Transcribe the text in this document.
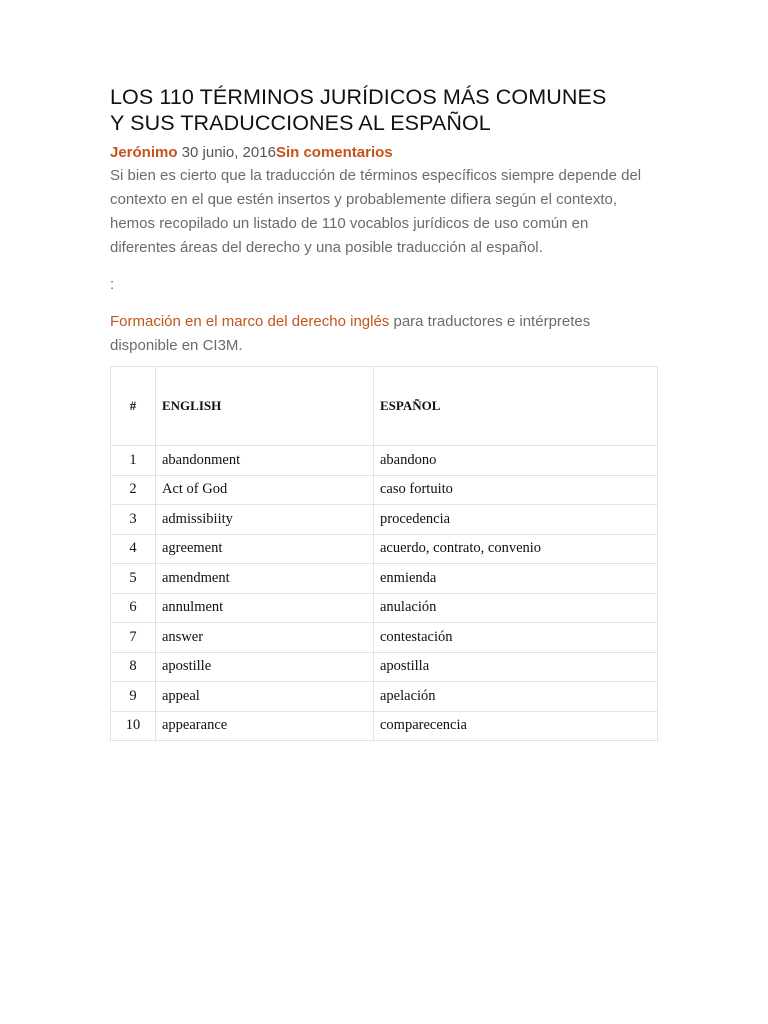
LOS 110 TÉRMINOS JURÍDICOS MÁS COMUNES
Y SUS TRADUCCIONES AL ESPAÑOL
Jerónimo 30 junio, 2016Sin comentarios

Si bien es cierto que la traducción de términos específicos siempre depende del contexto en el que estén insertos y probablemente difiera según el contexto, hemos recopilado un listado de 110 vocablos jurídicos de uso común en diferentes áreas del derecho y una posible traducción al español.

:

Formación en el marco del derecho inglés para traductores e intérpretes disponible en CI3M.

#	ENGLISH	ESPAÑOL
1	abandonment	abandono
2	Act of God	caso fortuito
3	admissibiity	procedencia
4	agreement	acuerdo, contrato, convenio
5	amendment	enmienda
6	annulment	anulación
7	answer	contestación
8	apostille	apostilla
9	appeal	apelación
10	appearance	comparecencia
